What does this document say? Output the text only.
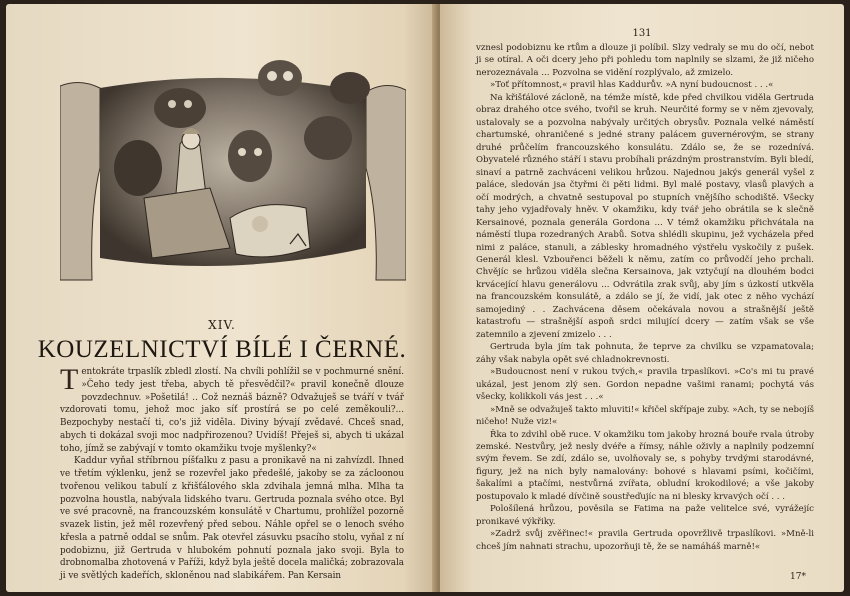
XIV.
KOUZELNICTVÍ BÍLÉ I ČERNÉ.

Tentokráte trpaslík zbledl zlostí. Na chvíli pohlížil se v pochmurné snění. »Čeho tedy jest třeba, abych tě přesvědčil?« pravil konečně dlouze povzdechnuv. »Pošetilá! .. Což neznáš bázně? Odvažuješ se tváří v tvář vzdorovati tomu, jehož moc jako síť prostírá se po celé zeměkouli?... Bezpochyby nestačí ti, co's již viděla. Diviny bývají zvědavé. Chceš snad, abych ti dokázal svoji moc nadpřirozenou? Uvidíš! Přeješ si, abych ti ukázal toho, jímž se zabývají v tomto okamžiku tvoje myšlenky?«

Kaddur vyňal stříbrnou píšťalku z pasu a pronikavě na ni zahvízdl. Ihned ve třetím výklenku, jenž se rozevřel jako předešlé, jakoby se za zácloonou tvořenou velikou tabulí z křišťálového skla zdvihala jemná mlha. Mlha ta pozvolna houstla, nabývala lidského tvaru. Gertruda poznala svého otce. Byl ve své pracovně, na francouzském konsulátě v Chartumu, prohlížel pozorně svazek listin, jež měl rozevřený před sebou. Náhle opřel se o lenoch svého křesla a patrně oddal se snům. Pak otevřel zásuvku psacího stolu, vyňal z ní podobiznu, již Gertruda v hlubokém pohnutí poznala jako svoji. Byla to drobnomalba zhotovená v Paříži, když byla ještě docela maličká; zobrazovala ji ve světlých kadeřích, skloněnou nad slabikářem. Pan Kersain

131

vznesl podobiznu ke rtům a dlouze ji políbil. Slzy vedraly se mu do očí, nebot ji se otíral. A oči dcery jeho při pohledu tom naplnily se slzami, že již ničeho nerozeznávala ... Pozvolna se vidění rozplývalo, až zmizelo.

»Toť přítomnost,« pravil hlas Kaddurův. »A nyní budoucnost . . .«

Na křišťálové záclоně, na témže místě, kde před chvilkou viděla Gertruda obraz drahého otce svého, tvořil se kruh. Neurčité formy se v něm zjevovaly, ustalovaly se a pozvolna nabývaly určitých obrysův. Poznala velké náměstí chartumské, ohraničené s jedné strany palácem guvernérovým, se strany druhé průčelím francouzského konsulátu. Zdálo se, že se rozednívá. Obyvatelé různého stáří i stavu probíhali prázdným prostranstvím. Byli bledí, sinaví a patrně zachváceni velikou hrůzou. Najednou jakýs generál vyšel z paláce, sledován jsa čtyřmi či pěti lidmi. Byl malé postavy, vlasů plavých a očí modrých, a chvatně sestupoval po stupních vnějšího schodiště. Všecky tahy jeho vyjadřovaly hněv. V okamžiku, kdy tvář jeho obrátila se k slečně Kersainové, poznala generála Gordona ... V témž okamžiku přichvátala na náměstí tlupa rozedraných Arabů. Sotva shlédli skupinu, jež vycházela před nimi z paláce, stanuli, a záblesky hromadného výstřelu vyskočily z pušek. Generál klesl. Vzbouřenci běželi k němu, zatím co průvodčí jeho prchali. Chvějíc se hrůzou viděla slečna Kersainova, jak vztyčují na dlouhém bodci krvácející hlavu generálovu ... Odvrátila zrak svůj, aby jím s úzkostí utkvěla na francouzském konsulátě, a zdálo se jí, že vidí, jak otec z něho vychází samojediný . . Zachvácena děsem očekávala novou a strašnější ještě katastrofu — strašnější aspoň srdci milující dcery — zatím však se vše zatemnilo a zjevení zmizelo . . .

Gertruda byla jím tak pohnuta, že teprve za chvilku se vzpamatovala; záhy však nabyla opět své chladnokrevnosti.

»Budoucnost není v rukou tvých,« pravila trpaslíkovi. »Co's mi tu pravé ukázal, jest jenom zlý sen. Gordon nepadne vašimi ranami; pochytá vás všecky, kolikkoli vás jest . . .«

»Mně se odvažuješ takto mluviti!« křičel skřípaje zuby. »Ach, ty se nebojíš ničeho! Nuže viz!«

Řka to zdvihl obě ruce. V okamžiku tom jakoby hrozná bouře rvala útroby zemské. Nestvůry, jež nesly dvéře a římsy, náhle oživly a naplnily podzemní svým řevem. Se zdí, zdálo se, uvolňovaly se, s pohyby trvdými starodávné, figury, jež na nich byly namalovány: bohové s hlavami psími, kočičími, šakalími a ptačími, nestvůrná zvířata, obludní krokodilové; a vše jakoby postupovalo k mladé dívčině soustřeďujíc na ni blesky krvavých očí . . .

Pološílená hrůzou, pověsila se Fatima na paže velitelce své, vyrážejíc pronikavé výkřiky.

»Zadrž svůj zvěřinec!« pravila Gertruda opovržlivě trpaslíkovi. »Mně-li chceš jím nahnati strachu, upozorňuji tě, že se namáháš marně!«

17*
